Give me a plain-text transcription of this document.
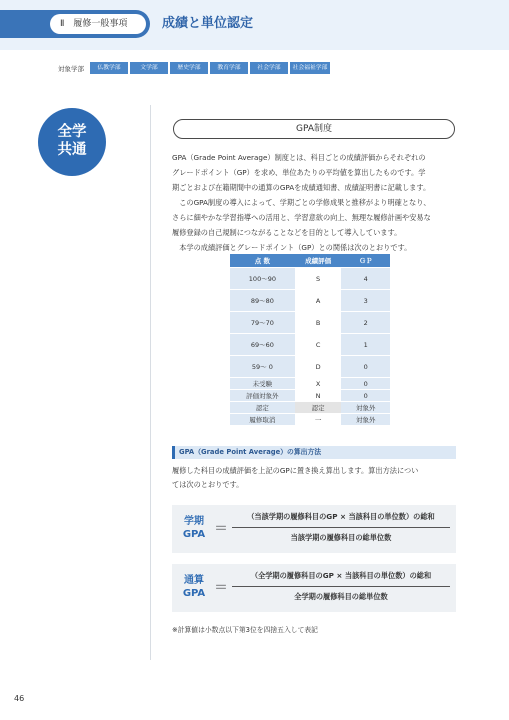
Ⅱ　履修一般事項	成績と単位認定
対象学部	仏教学部	文学部	歴史学部	教育学部	社会学部	社会福祉学部
全学
共通
GPA制度

GPA（Grade Point Average）制度とは、科目ごとの成績評価からそれぞれの

グレードポイント（GP）を求め、単位あたりの平均値を算出したものです。学

期ごとおよび在籍期間中の通算のGPAを成績通知書、成績証明書に記載します。

　このGPA制度の導入によって、学期ごとの学修成果と推移がより明確となり、

さらに細やかな学習指導への活用と、学習意欲の向上、無理な履修計画や安易な

履修登録の自己規制につながることなどを目的として導入しています。

　本学の成績評価とグレードポイント（GP）との関係は次のとおりです。

点 数	成績評価	ＧＰ
100〜90	S	4
89〜80	A	3
79〜70	B	2
69〜60	C	1
59〜 0	D	0
未受験	X	0
評価対象外	N	0
認定	認定	対象外
履修取消	一	対象外
GPA（Grade Point Average）の算出方法

履修した科目の成績評価を上記のGPに置き換え算出します。算出方法につい

ては次のとおりです。

学期
GPA ＝
（当該学期の履修科目のGP × 当該科目の単位数）の総和
当該学期の履修科目の総単位数
通算
GPA ＝
（全学期の履修科目のGP × 当該科目の単位数）の総和
全学期の履修科目の総単位数
※計算値は小数点以下第3位を四捨五入して表記
46
